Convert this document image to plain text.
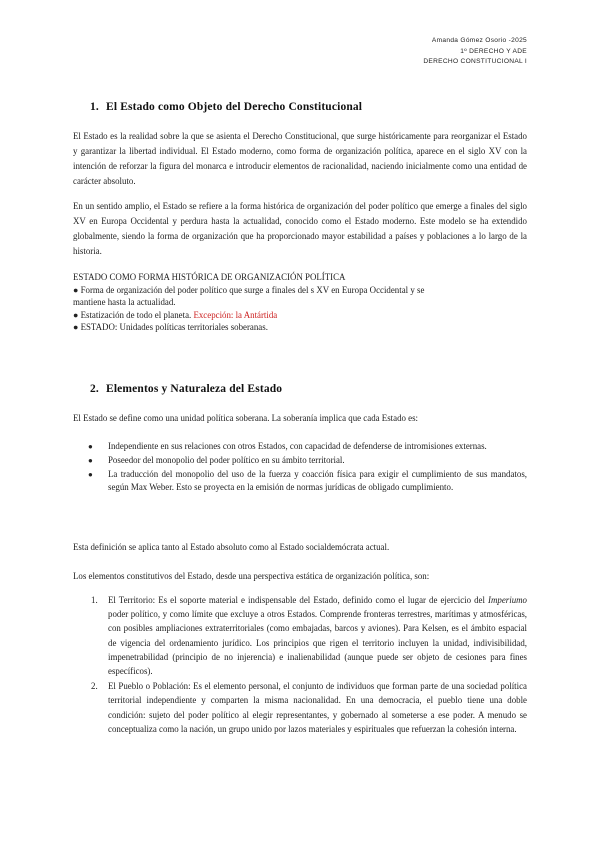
Amanda Gómez Osorio -2025
1º DERECHO Y ADE
DERECHO CONSTITUCIONAL I
1. El Estado como Objeto del Derecho Constitucional

El Estado es la realidad sobre la que se asienta el Derecho Constitucional, que surge históricamente para reorganizar el Estado y garantizar la libertad individual. El Estado moderno, como forma de organización política, aparece en el siglo XV con la intención de reforzar la figura del monarca e introducir elementos de racionalidad, naciendo inicialmente como una entidad de carácter absoluto.

En un sentido amplio, el Estado se refiere a la forma histórica de organización del poder político que emerge a finales del siglo XV en Europa Occidental y perdura hasta la actualidad, conocido como el Estado moderno. Este modelo se ha extendido globalmente, siendo la forma de organización que ha proporcionado mayor estabilidad a países y poblaciones a lo largo de la historia.

ESTADO COMO FORMA HISTÓRICA DE ORGANIZACIÓN POLÍTICA
● Forma de organización del poder político que surge a finales del s XV en Europa Occidental y se
mantiene hasta la actualidad.
● Estatización de todo el planeta. Excepción: la Antártida
● ESTADO: Unidades políticas territoriales soberanas.
2. Elementos y Naturaleza del Estado

El Estado se define como una unidad política soberana. La soberanía implica que cada Estado es:

● Independiente en sus relaciones con otros Estados, con capacidad de defenderse de intromisiones externas.
● Poseedor del monopolio del poder político en su ámbito territorial.
● La traducción del monopolio del uso de la fuerza y coacción física para exigir el cumplimiento de sus mandatos, según Max Weber. Esto se proyecta en la emisión de normas jurídicas de obligado cumplimiento.

Esta definición se aplica tanto al Estado absoluto como al Estado socialdemócrata actual.

Los elementos constitutivos del Estado, desde una perspectiva estática de organización política, son:

1. El Territorio: Es el soporte material e indispensable del Estado, definido como el lugar de ejercicio del Imperiumo poder político, y como límite que excluye a otros Estados. Comprende fronteras terrestres, marítimas y atmosféricas, con posibles ampliaciones extraterritoriales (como embajadas, barcos y aviones). Para Kelsen, es el ámbito espacial de vigencia del ordenamiento jurídico. Los principios que rigen el territorio incluyen la unidad, indivisibilidad, impenetrabilidad (principio de no injerencia) e inalienabilidad (aunque puede ser objeto de cesiones para fines específicos).
2. El Pueblo o Población: Es el elemento personal, el conjunto de individuos que forman parte de una sociedad política territorial independiente y comparten la misma nacionalidad. En una democracia, el pueblo tiene una doble condición: sujeto del poder político al elegir representantes, y gobernado al someterse a ese poder. A menudo se conceptualiza como la nación, un grupo unido por lazos materiales y espirituales que refuerzan la cohesión interna.
